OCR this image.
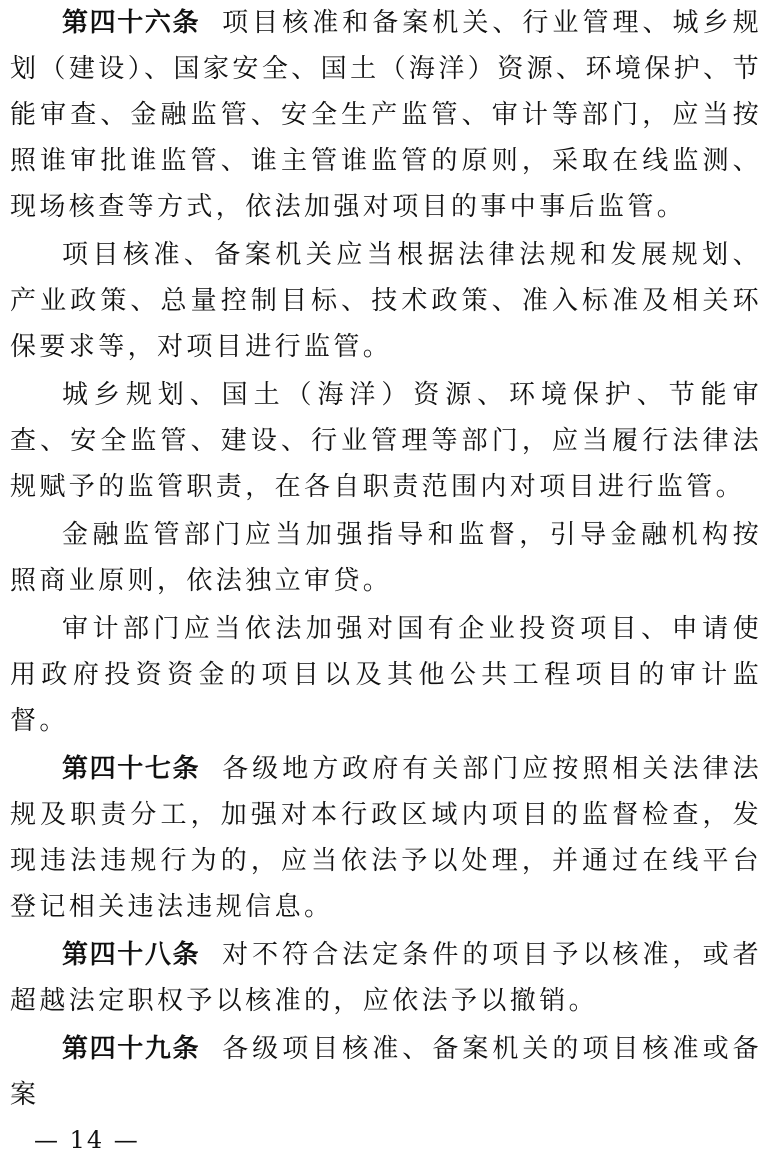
第四十六条 项目核准和备案机关、行业管理、城乡规划（建设）、国家安全、国土（海洋）资源、环境保护、节能审查、金融监管、安全生产监管、审计等部门，应当按照谁审批谁监管、谁主管谁监管的原则，采取在线监测、现场核查等方式，依法加强对项目的事中事后监管。

项目核准、备案机关应当根据法律法规和发展规划、产业政策、总量控制目标、技术政策、准入标准及相关环保要求等，对项目进行监管。

城乡规划、国土（海洋）资源、环境保护、节能审查、安全监管、建设、行业管理等部门，应当履行法律法规赋予的监管职责，在各自职责范围内对项目进行监管。

金融监管部门应当加强指导和监督，引导金融机构按照商业原则，依法独立审贷。

审计部门应当依法加强对国有企业投资项目、申请使用政府投资资金的项目以及其他公共工程项目的审计监督。

第四十七条 各级地方政府有关部门应按照相关法律法规及职责分工，加强对本行政区域内项目的监督检查，发现违法违规行为的，应当依法予以处理，并通过在线平台登记相关违法违规信息。

第四十八条 对不符合法定条件的项目予以核准，或者超越法定职权予以核准的，应依法予以撤销。

第四十九条 各级项目核准、备案机关的项目核准或备案

— 14 —
